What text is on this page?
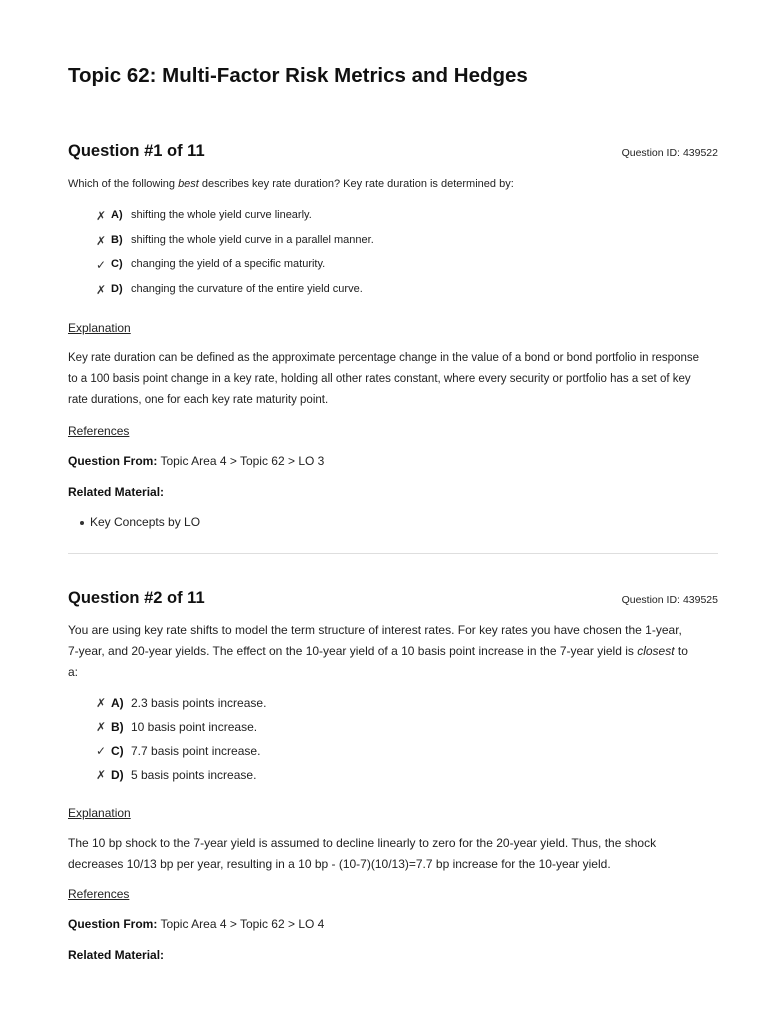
Topic 62: Multi-Factor Risk Metrics and Hedges
Question #1 of 11	Question ID: 439522
Which of the following best describes key rate duration? Key rate duration is determined by:
✗ A) shifting the whole yield curve linearly.
✗ B) shifting the whole yield curve in a parallel manner.
✓ C) changing the yield of a specific maturity.
✗ D) changing the curvature of the entire yield curve.
Explanation
Key rate duration can be defined as the approximate percentage change in the value of a bond or bond portfolio in response
to a 100 basis point change in a key rate, holding all other rates constant, where every security or portfolio has a set of key
rate durations, one for each key rate maturity point.
References
Question From: Topic Area 4 > Topic 62 > LO 3
Related Material:
Key Concepts by LO
Question #2 of 11	Question ID: 439525
You are using key rate shifts to model the term structure of interest rates. For key rates you have chosen the 1-year,
7-year, and 20-year yields. The effect on the 10-year yield of a 10 basis point increase in the 7-year yield is closest to
a:
✗ A) 2.3 basis points increase.
✗ B) 10 basis point increase.
✓ C) 7.7 basis point increase.
✗ D) 5 basis points increase.
Explanation
The 10 bp shock to the 7-year yield is assumed to decline linearly to zero for the 20-year yield. Thus, the shock
decreases 10/13 bp per year, resulting in a 10 bp - (10-7)(10/13)=7.7 bp increase for the 10-year yield.
References
Question From: Topic Area 4 > Topic 62 > LO 4
Related Material:
